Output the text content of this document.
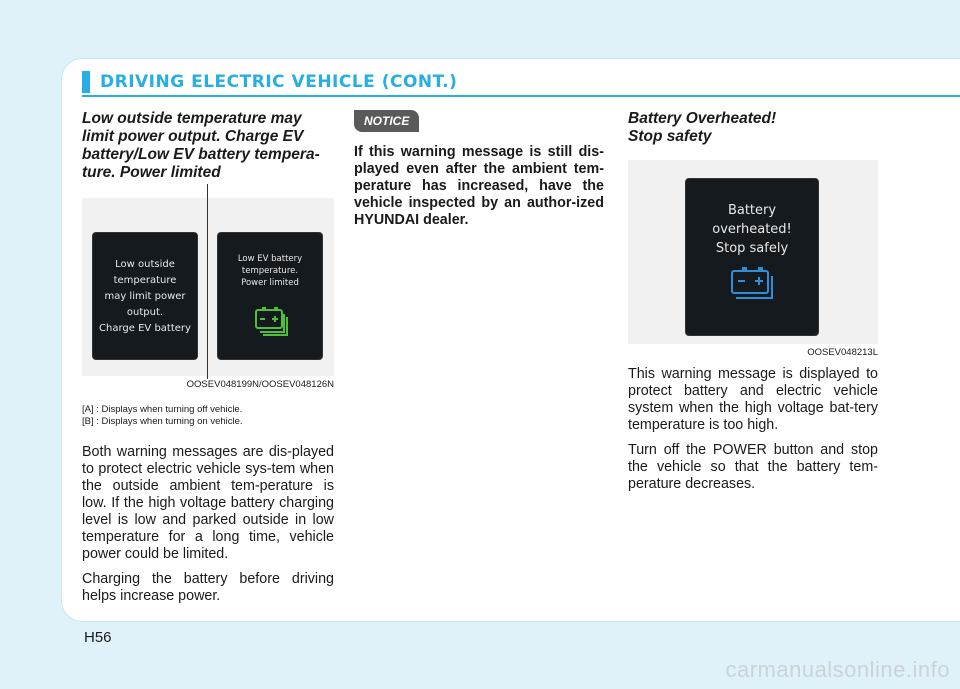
DRIVING ELECTRIC VEHICLE (CONT.)

Low outside temperature may limit power output. Charge EV battery/Low EV battery tempera-ture. Power limited

Low outside
temperature
may limit power
output.
Charge EV battery
Low EV battery
temperature.
Power limited
OOSEV048199N/OOSEV048126N

[A] : Displays when turning off vehicle.

[B] : Displays when turning on vehicle.

Both warning messages are dis-played to protect electric vehicle sys-tem when the outside ambient tem-perature is low. If the high voltage battery charging level is low and parked outside in low temperature for a long time, vehicle power could be limited.

Charging the battery before driving helps increase power.

NOTICE

If this warning message is still dis-played even after the ambient tem-perature has increased, have the vehicle inspected by an author-ized HYUNDAI dealer.

Battery Overheated! Stop safety

Battery
overheated!
Stop safely
OOSEV048213L

This warning message is displayed to protect battery and electric vehicle system when the high voltage bat-tery temperature is too high.

Turn off the POWER button and stop the vehicle so that the battery tem-perature decreases.

H56
carmanualsonline.info
